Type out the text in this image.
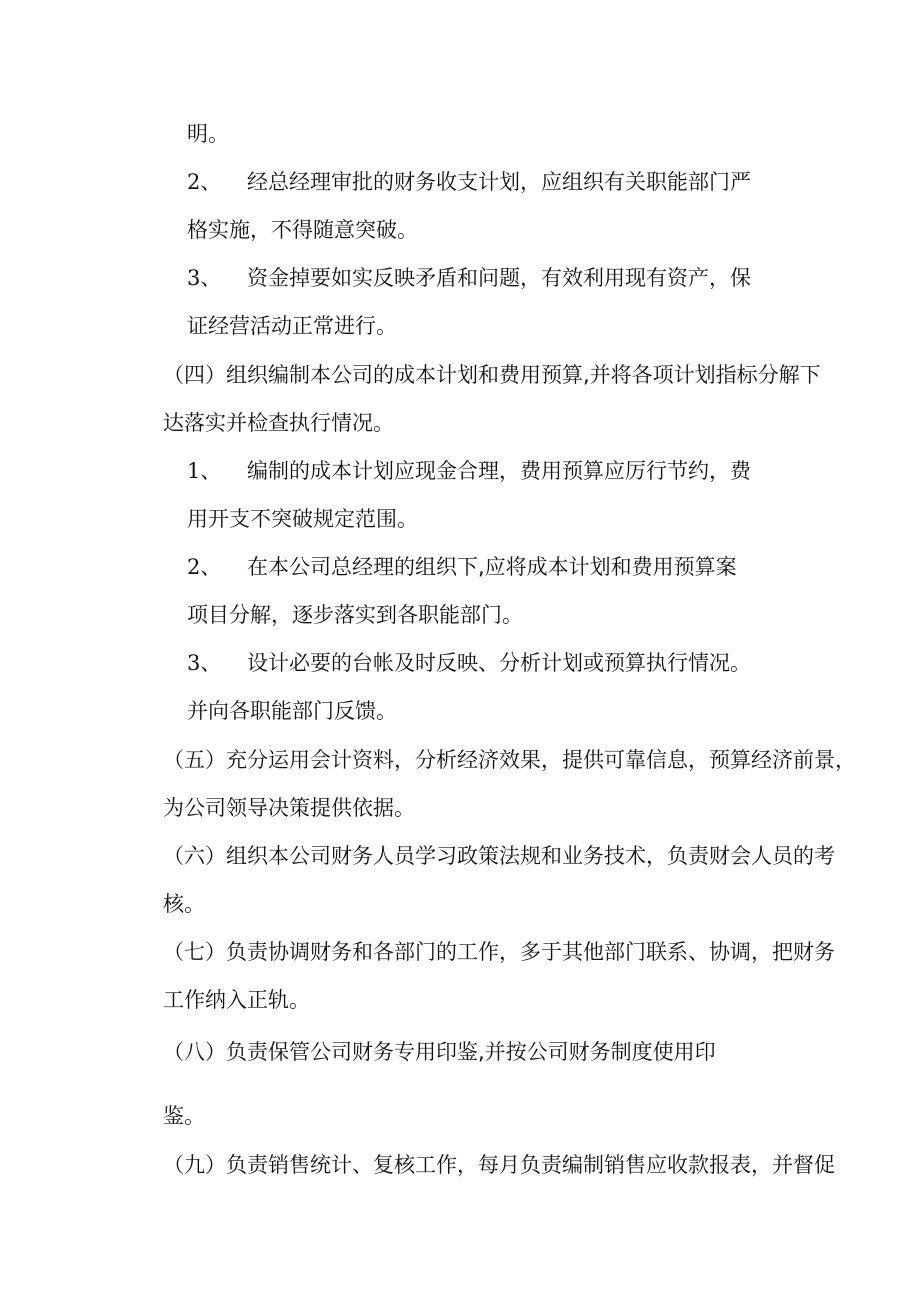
明。
2、 经总经理审批的财务收支计划，应组织有关职能部门严
格实施，不得随意突破。
3、 资金掉要如实反映矛盾和问题，有效利用现有资产，保
证经营活动正常进行。
（四）组织编制本公司的成本计划和费用预算,并将各项计划指标分解下
达落实并检查执行情况。
1、 编制的成本计划应现金合理，费用预算应厉行节约，费
用开支不突破规定范围。
2、 在本公司总经理的组织下,应将成本计划和费用预算案
项目分解，逐步落实到各职能部门。
3、 设计必要的台帐及时反映、分析计划或预算执行情况。
并向各职能部门反馈。
（五）充分运用会计资料，分析经济效果，提供可靠信息，预算经济前景，
为公司领导决策提供依据。
（六）组织本公司财务人员学习政策法规和业务技术，负责财会人员的考
核。
（七）负责协调财务和各部门的工作，多于其他部门联系、协调，把财务
工作纳入正轨。
（八）负责保管公司财务专用印鉴,并按公司财务制度使用印
鉴。
（九）负责销售统计、复核工作，每月负责编制销售应收款报表，并督促
